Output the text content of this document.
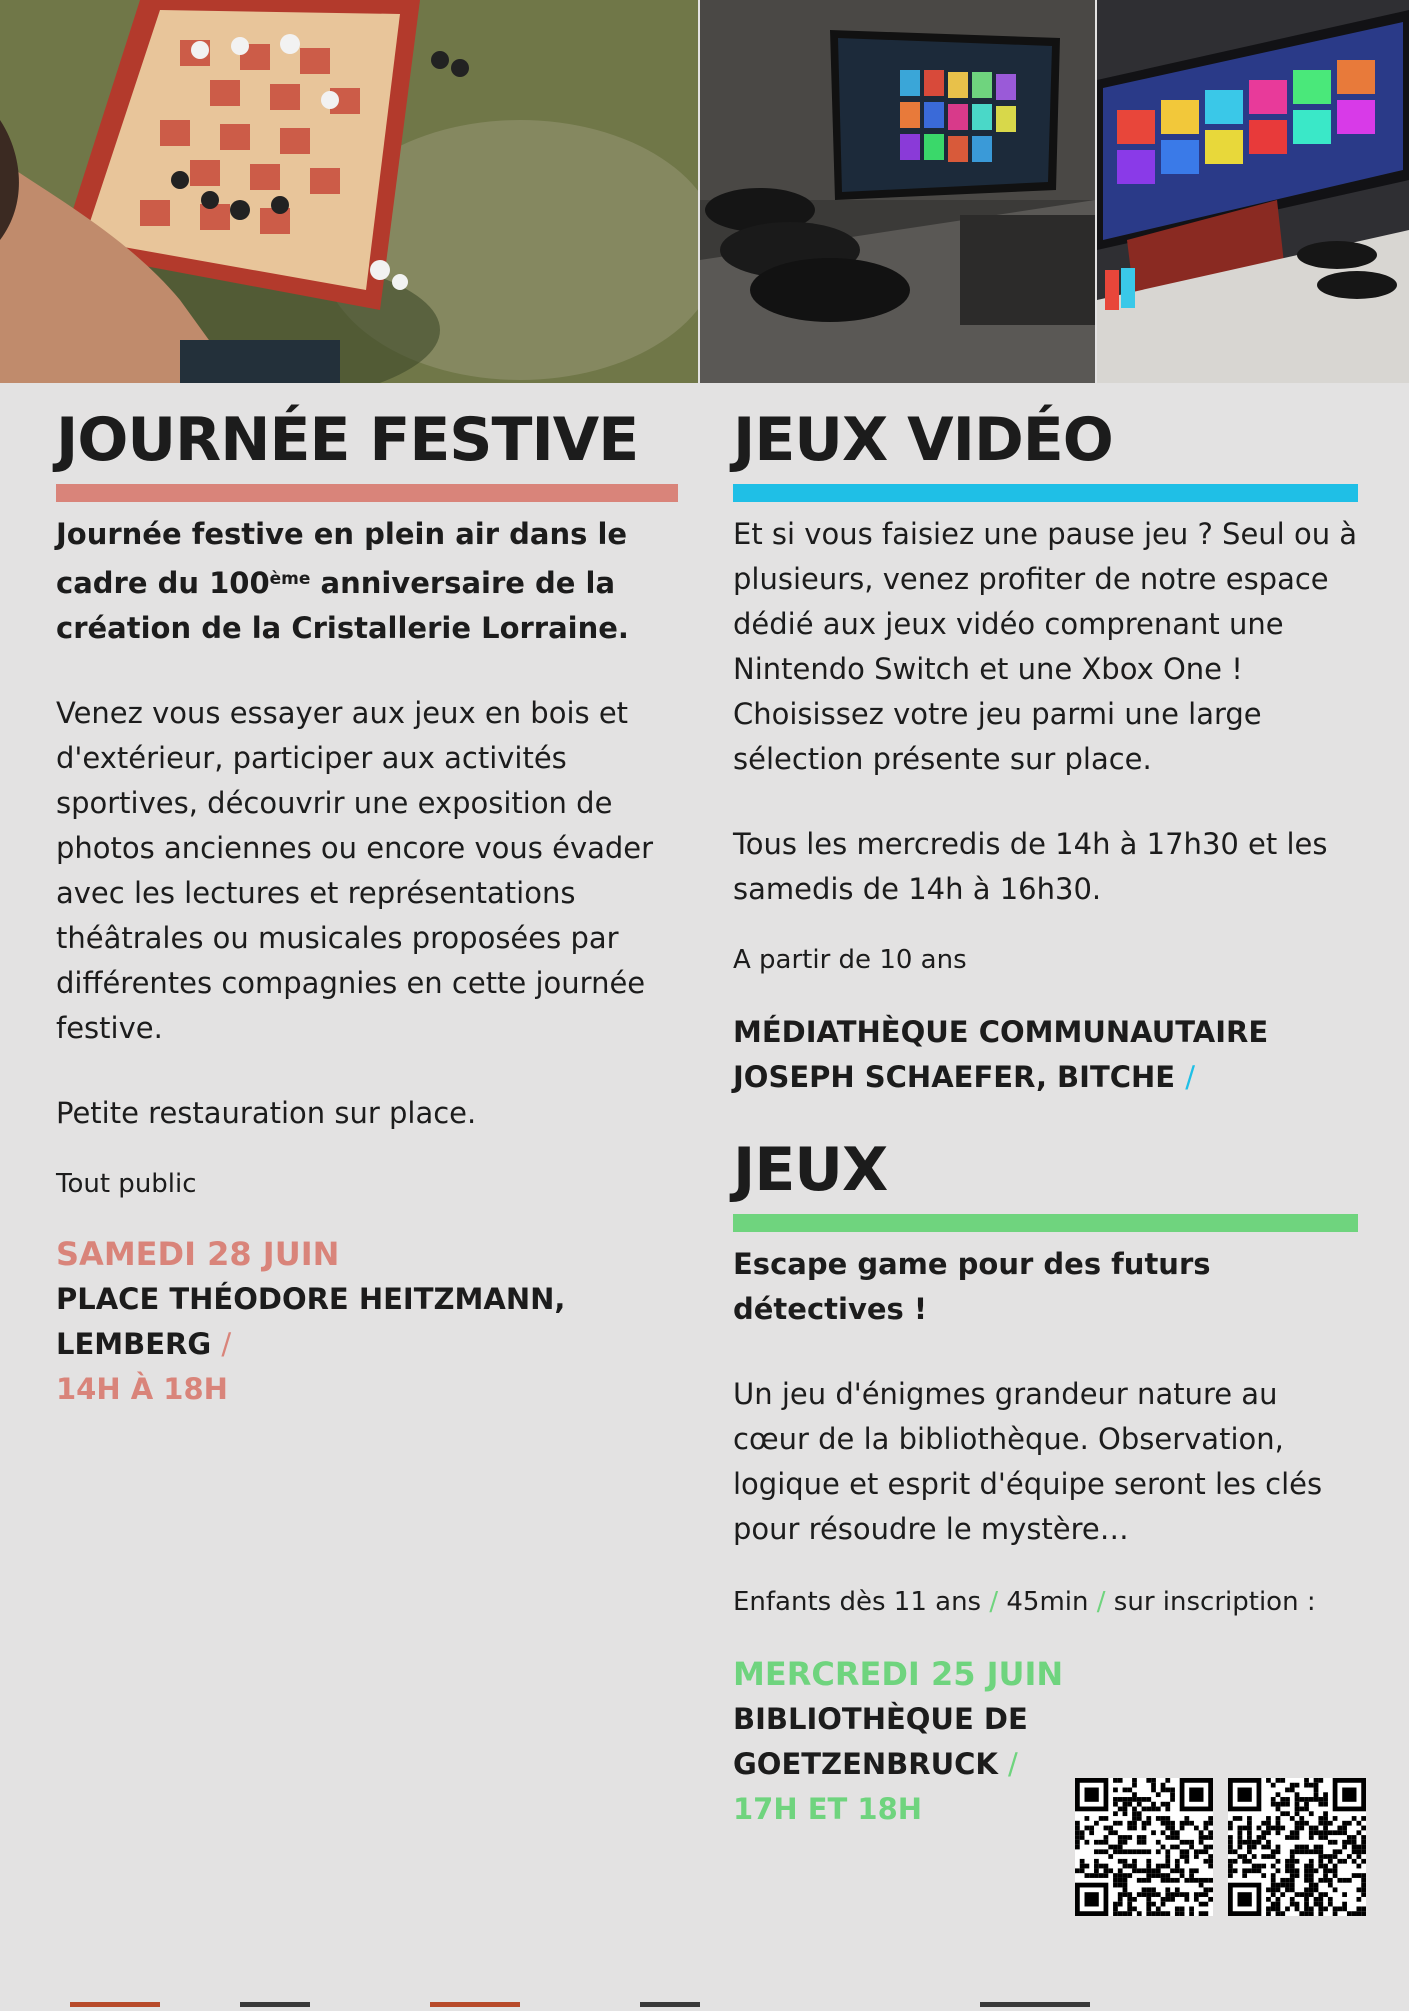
JOURNÉE FESTIVE

Journée festive en plein air dans le cadre du 100ème anniversaire de la création de la Cristallerie Lorraine.

Venez vous essayer aux jeux en bois et d'extérieur, participer aux activités sportives, découvrir une exposition de photos anciennes ou encore vous évader avec les lectures et représentations théâtrales ou musicales proposées par différentes compagnies en cette journée festive.

Petite restauration sur place.

Tout public

SAMEDI 28 JUIN

PLACE THÉODORE HEITZMANN,

LEMBERG /

14H À 18H

JEUX VIDÉO

Et si vous faisiez une pause jeu ? Seul ou à plusieurs, venez profiter de notre espace dédié aux jeux vidéo comprenant une Nintendo Switch et une Xbox One ! Choisissez votre jeu parmi une large sélection présente sur place.

Tous les mercredis de 14h à 17h30 et les samedis de 14h à 16h30.

A partir de 10 ans

MÉDIATHÈQUE COMMUNAUTAIRE

JOSEPH SCHAEFER, BITCHE /

JEUX

Escape game pour des futurs détectives !

Un jeu d'énigmes grandeur nature au cœur de la bibliothèque. Observation, logique et esprit d'équipe seront les clés pour résoudre le mystère…

Enfants dès 11 ans / 45min / sur inscription :

MERCREDI 25 JUIN

BIBLIOTHÈQUE DE

GOETZENBRUCK /

17H ET 18H
